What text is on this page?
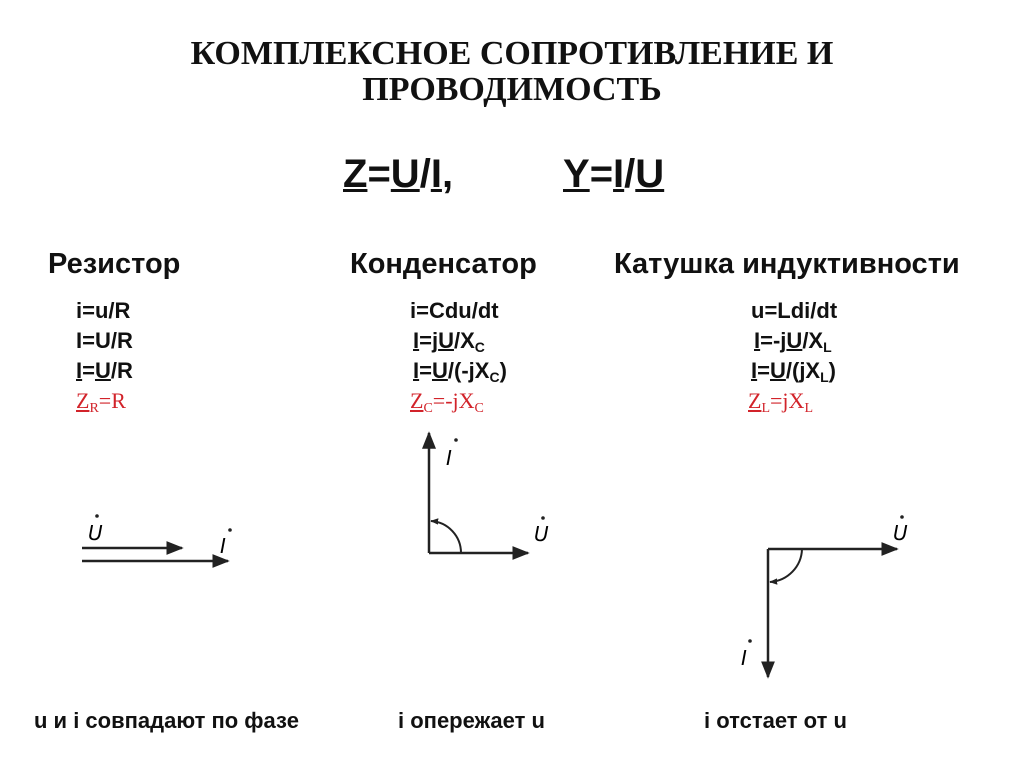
КОМПЛЕКСНОЕ СОПРОТИВЛЕНИЕ И
ПРОВОДИМОСТЬ
Z=U/I,	Y=I/U
Резистор	Конденсатор	Катушка индуктивности
i=u/R
I=U/R
I=U/R
$Z_R=R$
i=Cdu/dt
$I=jU/X_C$
$I=U/(-jX_C)$
$Z_C=-jX_C$
u=Ldi/dt
$I=-jU/X_L$
$I=U/(jX_L)$
$Z_L=jX_L$
U
I
I
U	U
I
u и i совпадают по фазе	i опережает u	i отстает от u
